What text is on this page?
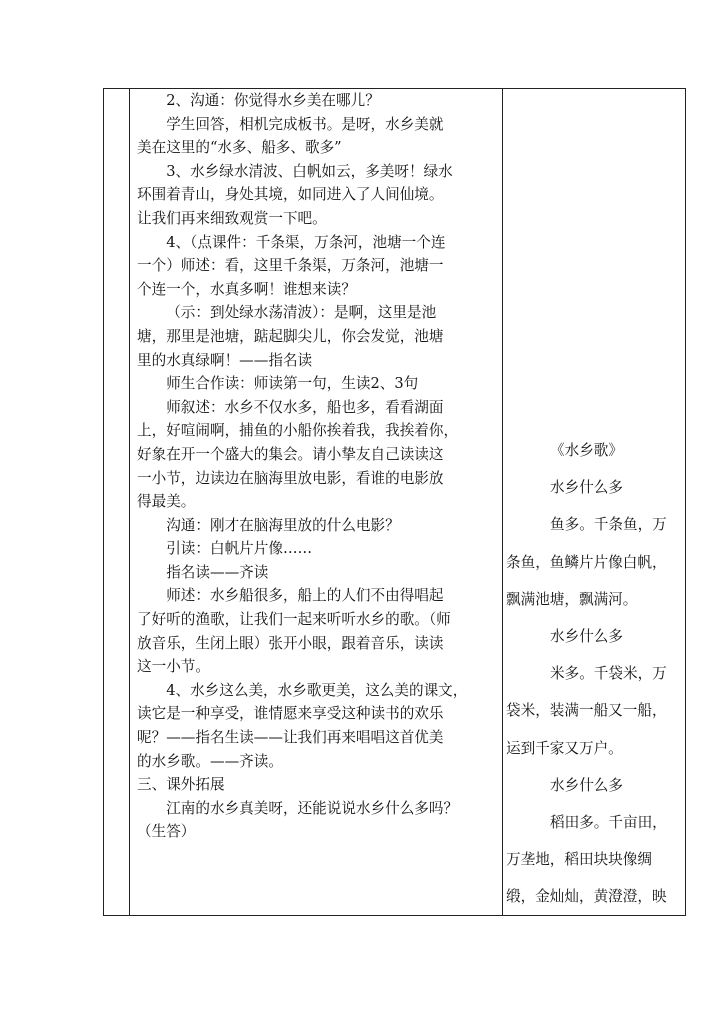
2、沟通：你觉得水乡美在哪儿？

学生回答，相机完成板书。是呀，水乡美就

美在这里的“水多、船多、歌多”

3、水乡绿水清波、白帆如云，多美呀！绿水

环围着青山，身处其境，如同进入了人间仙境。

让我们再来细致观赏一下吧。

4、（点课件：千条渠，万条河，池塘一个连

一个）师述：看，这里千条渠，万条河，池塘一

个连一个，水真多啊！谁想来读？

（示：到处绿水荡清波）：是啊，这里是池

塘，那里是池塘，踮起脚尖儿，你会发觉，池塘

里的水真绿啊！——指名读

师生合作读：师读第一句，生读2、3句

师叙述：水乡不仅水多，船也多，看看湖面

上，好喧闹啊，捕鱼的小船你挨着我，我挨着你，

好象在开一个盛大的集会。请小挚友自己读读这

一小节，边读边在脑海里放电影，看谁的电影放

得最美。

沟通：刚才在脑海里放的什么电影？

引读：白帆片片像……

指名读——齐读

师述：水乡船很多，船上的人们不由得唱起

了好听的渔歌，让我们一起来听听水乡的歌。（师

放音乐，生闭上眼）张开小眼，跟着音乐，读读

这一小节。

4、水乡这么美，水乡歌更美，这么美的课文，

读它是一种享受，谁情愿来享受这种读书的欢乐

呢？——指名生读——让我们再来唱唱这首优美

的水乡歌。——齐读。

三、课外拓展

江南的水乡真美呀，还能说说水乡什么多吗？

（生答）

《水乡歌》

水乡什么多

鱼多。千条鱼，万

条鱼，鱼鳞片片像白帆，

飘满池塘，飘满河。

水乡什么多

米多。千袋米，万

袋米，装满一船又一船，

运到千家又万户。

水乡什么多

稻田多。千亩田，

万垄地，稻田块块像绸

缎，金灿灿，黄澄澄，映
